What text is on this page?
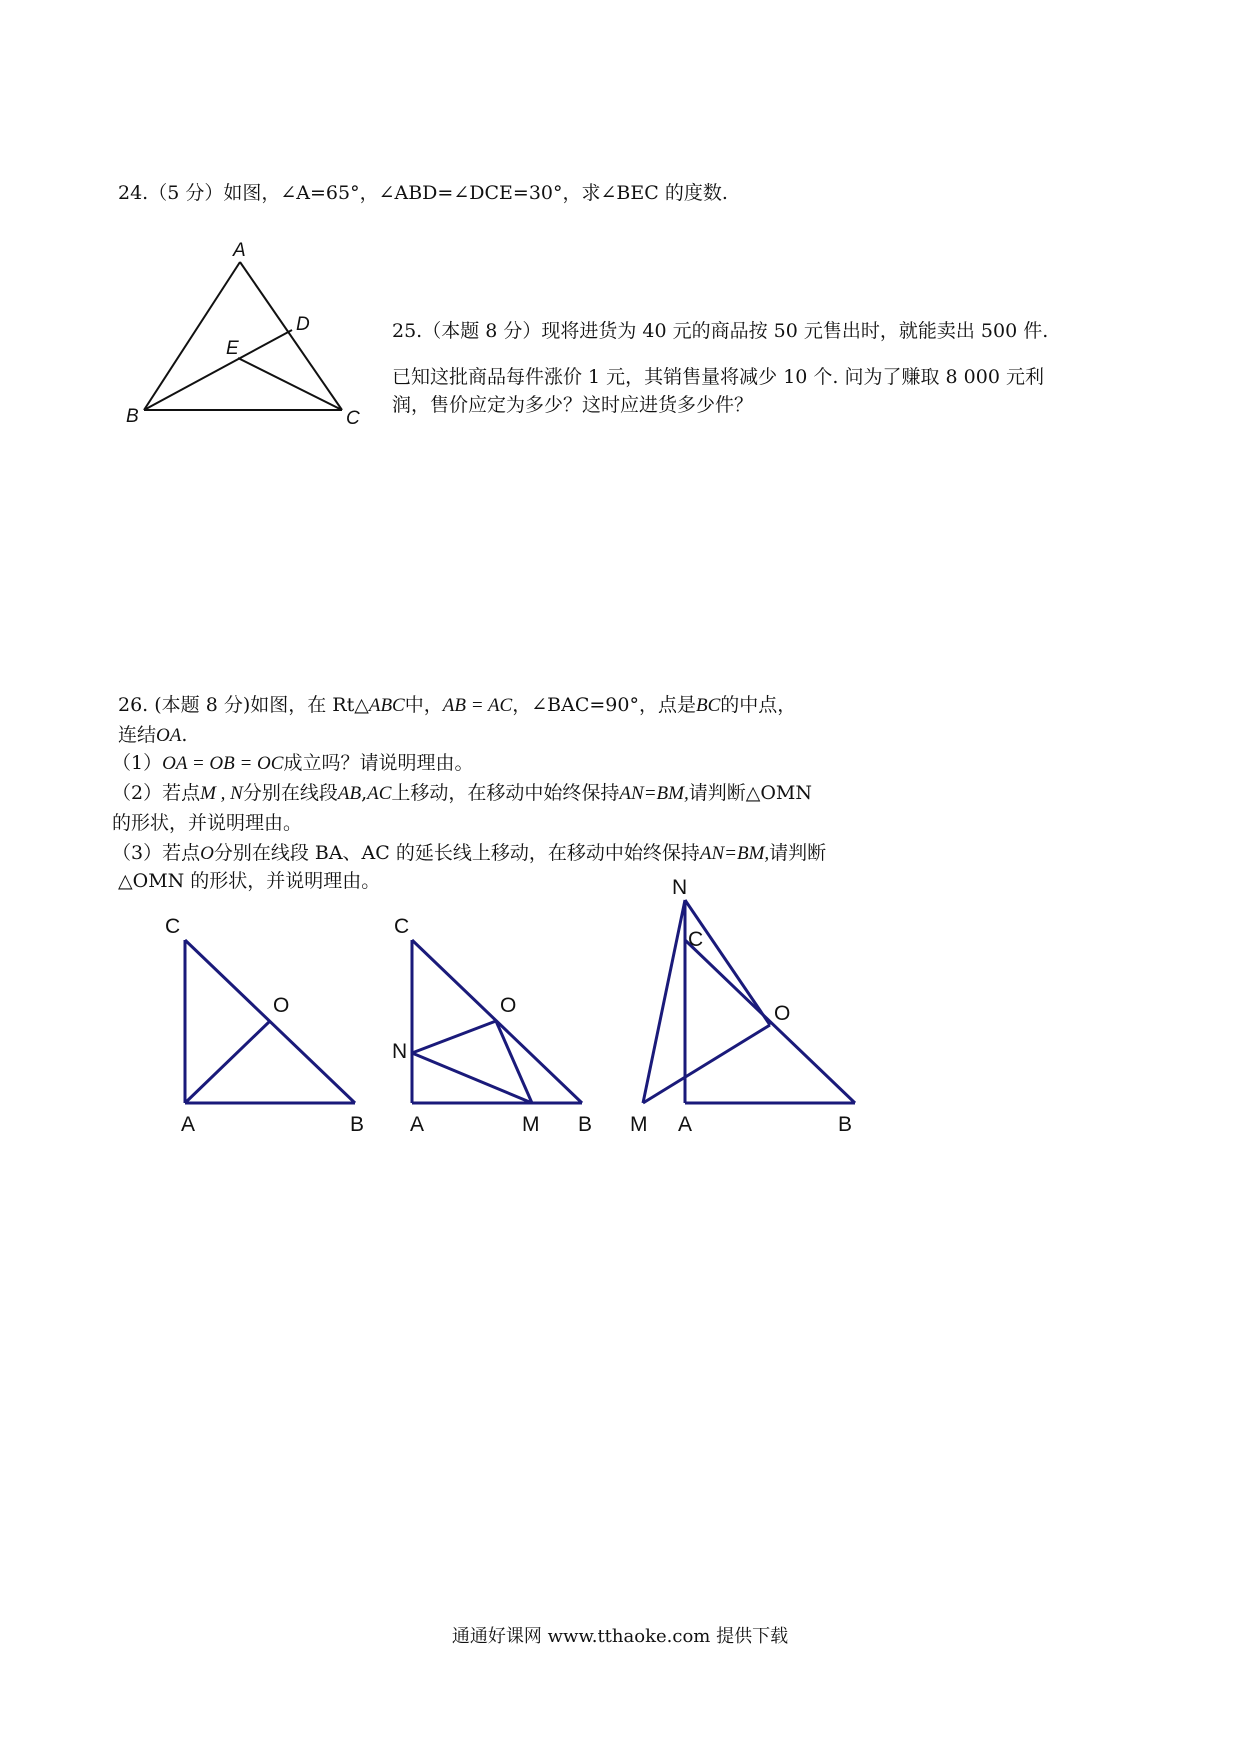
24.（5 分）如图，∠A=65°，∠ABD=∠DCE=30°，求∠BEC 的度数.
A
B	C
D
E
25.（本题 8 分）现将进货为 40 元的商品按 50 元售出时，就能卖出 500 件.
已知这批商品每件涨价 1 元，其销售量将减少 10 个. 问为了赚取 8 000 元利
润，售价应定为多少？这时应进货多少件？
26. (本题 8 分)如图，在 Rt△ABC中，AB = AC，∠BAC=90°，点是BC的中点，
连结OA.
（1）OA = OB = OC成立吗？请说明理由。
（2）若点M , N分别在线段AB,AC上移动，在移动中始终保持AN=BM,请判断△OMN
的形状，并说明理由。
（3）若点O分别在线段 BA、AC 的延长线上移动，在移动中始终保持AN=BM,请判断
△OMN 的形状，并说明理由。
C
O
A	B
C
O
N
A	M B
N
C
O
M A	B
通通好课网 www.tthaoke.com 提供下载
